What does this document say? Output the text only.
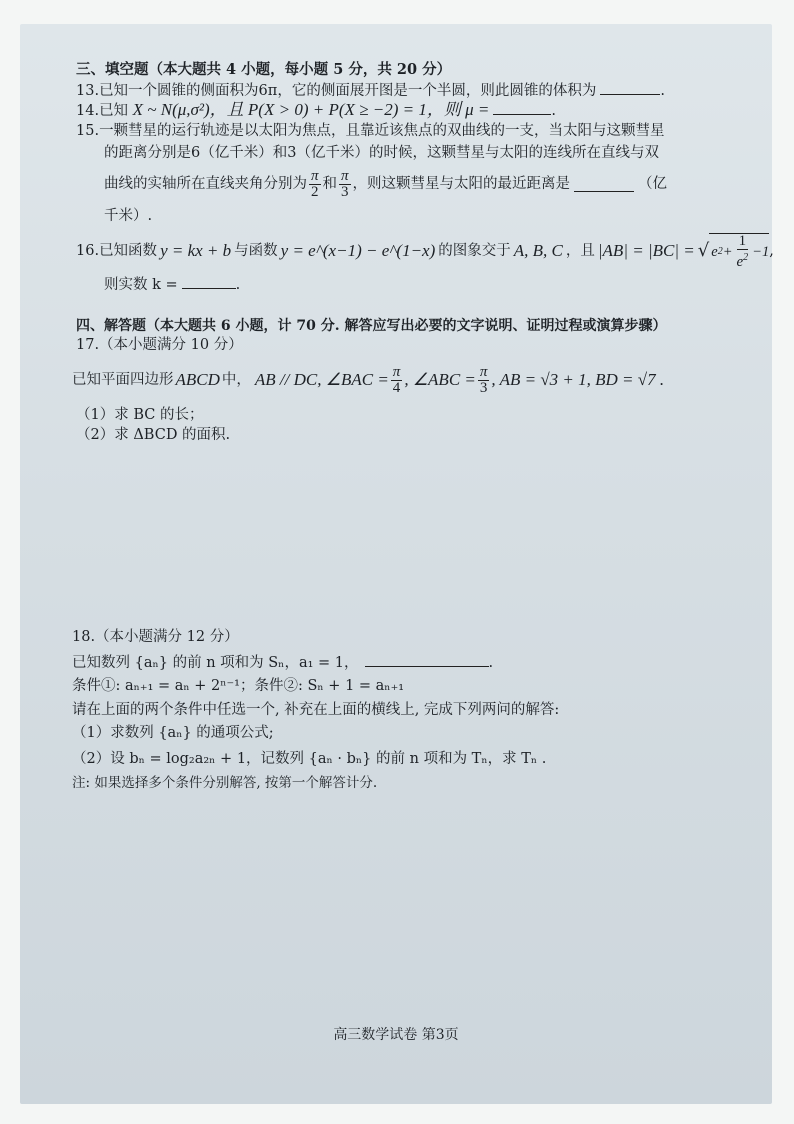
三、填空题（本大题共 4 小题，每小题 5 分，共 20 分）
13.已知一个圆锥的侧面积为6π，它的侧面展开图是一个半圆，则此圆锥的体积为	.
14.已知 X ~ N(μ,σ²)，且 P(X > 0) + P(X ≥ −2) = 1，则 μ =	.
15.一颗彗星的运行轨迹是以太阳为焦点，且靠近该焦点的双曲线的一支，当太阳与这颗彗星
的距离分别是6（亿千米）和3（亿千米）的时候，这颗彗星与太阳的连线所在直线与双
曲线的实轴所在直线夹角分别为 $\frac{\pi}{2}$ 和 $\frac{\pi}{3}$ ，则这颗彗星与太阳的最近距离是	（亿
千米）.
16. 已知函数 y = kx + b 与函数 y = e^(x−1) − e^(1−x) 的图象交于 A, B, C ，且 |AB| = |BC| = √ e $2 + \frac{1}{e^2} -1$ ,
则实数 k =	.
四、解答题（本大题共 6 小题，计 70 分. 解答应写出必要的文字说明、证明过程或演算步骤）
17.（本小题满分 10 分）
已知平面四边形 ABCD 中， AB // DC, ∠BAC = $\frac{\pi}{4}$ , ∠ABC = $\frac{\pi}{3}$ , AB = √3 + 1, BD = √7 .
（1）求 BC 的长；
（2）求 ΔBCD 的面积.
18.（本小题满分 12 分）
已知数列 {aₙ} 的前 n 项和为 Sₙ，a₁ = 1，	.
条件①: aₙ₊₁ = aₙ + 2ⁿ⁻¹；条件②: Sₙ + 1 = aₙ₊₁
请在上面的两个条件中任选一个, 补充在上面的横线上, 完成下列两问的解答:
（1）求数列 {aₙ} 的通项公式;
（2）设 bₙ = log₂a₂ₙ + 1，记数列 {aₙ · bₙ} 的前 n 项和为 Tₙ，求 Tₙ .
注: 如果选择多个条件分别解答, 按第一个解答计分.
高三数学试卷 第3页
